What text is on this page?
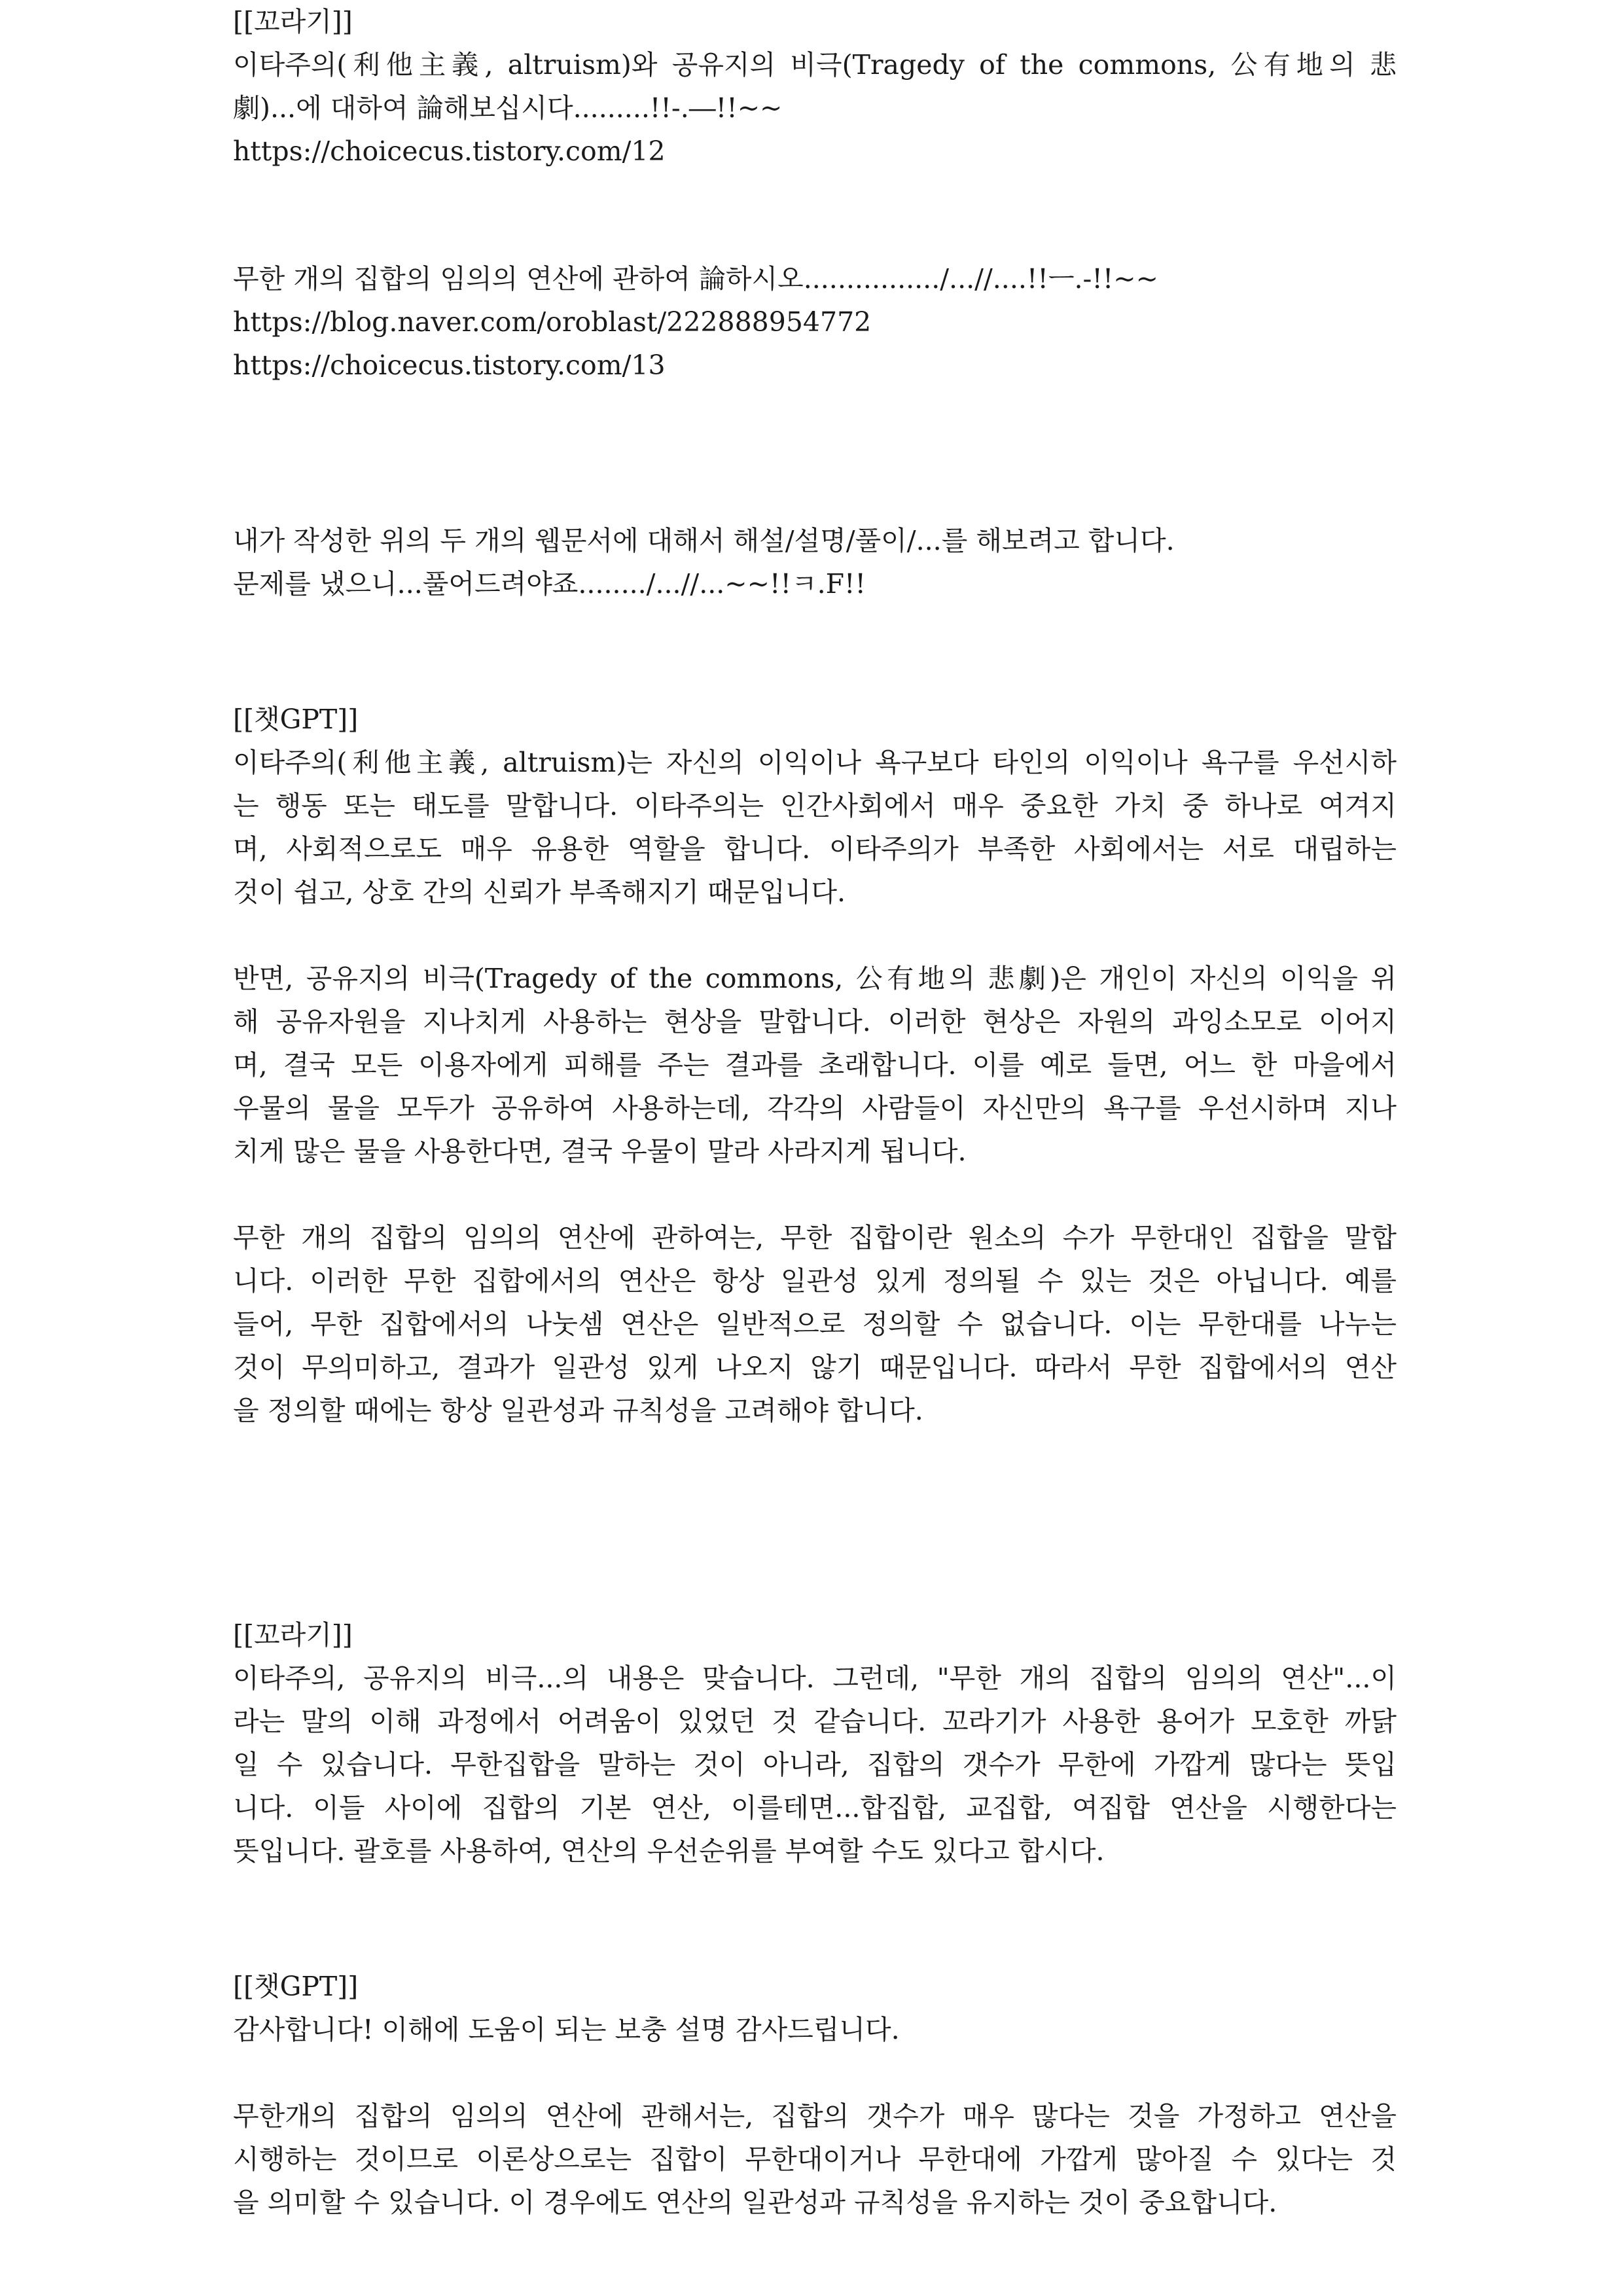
[[꼬라기]]
이타주의(利他主義, altruism)와 공유지의 비극(Tragedy of the commons, 公有地의 悲
劇)...에 대하여 論해보십시다.........!!-.―!!~~
https://choicecus.tistory.com/12
무한 개의 집합의 임의의 연산에 관하여 論하시오................/...//....!!ㅡ.-!!~~
https://blog.naver.com/oroblast/222888954772
https://choicecus.tistory.com/13
내가 작성한 위의 두 개의 웹문서에 대해서 해설/설명/풀이/...를 해보려고 합니다.
문제를 냈으니...풀어드려야죠......../...//...~~!!ㅋ.F!!
[[챗GPT]]
이타주의(利他主義, altruism)는 자신의 이익이나 욕구보다 타인의 이익이나 욕구를 우선시하
는 행동 또는 태도를 말합니다. 이타주의는 인간사회에서 매우 중요한 가치 중 하나로 여겨지
며, 사회적으로도 매우 유용한 역할을 합니다. 이타주의가 부족한 사회에서는 서로 대립하는
것이 쉽고, 상호 간의 신뢰가 부족해지기 때문입니다.
반면, 공유지의 비극(Tragedy of the commons, 公有地의 悲劇)은 개인이 자신의 이익을 위
해 공유자원을 지나치게 사용하는 현상을 말합니다. 이러한 현상은 자원의 과잉소모로 이어지
며, 결국 모든 이용자에게 피해를 주는 결과를 초래합니다. 이를 예로 들면, 어느 한 마을에서
우물의 물을 모두가 공유하여 사용하는데, 각각의 사람들이 자신만의 욕구를 우선시하며 지나
치게 많은 물을 사용한다면, 결국 우물이 말라 사라지게 됩니다.
무한 개의 집합의 임의의 연산에 관하여는, 무한 집합이란 원소의 수가 무한대인 집합을 말합
니다. 이러한 무한 집합에서의 연산은 항상 일관성 있게 정의될 수 있는 것은 아닙니다. 예를
들어, 무한 집합에서의 나눗셈 연산은 일반적으로 정의할 수 없습니다. 이는 무한대를 나누는
것이 무의미하고, 결과가 일관성 있게 나오지 않기 때문입니다. 따라서 무한 집합에서의 연산
을 정의할 때에는 항상 일관성과 규칙성을 고려해야 합니다.
[[꼬라기]]
이타주의, 공유지의 비극...의 내용은 맞습니다. 그런데, "무한 개의 집합의 임의의 연산"...이
라는 말의 이해 과정에서 어려움이 있었던 것 같습니다. 꼬라기가 사용한 용어가 모호한 까닭
일 수 있습니다. 무한집합을 말하는 것이 아니라, 집합의 갯수가 무한에 가깝게 많다는 뜻입
니다. 이들 사이에 집합의 기본 연산, 이를테면...합집합, 교집합, 여집합 연산을 시행한다는
뜻입니다. 괄호를 사용하여, 연산의 우선순위를 부여할 수도 있다고 합시다.
[[챗GPT]]
감사합니다! 이해에 도움이 되는 보충 설명 감사드립니다.
무한개의 집합의 임의의 연산에 관해서는, 집합의 갯수가 매우 많다는 것을 가정하고 연산을
시행하는 것이므로 이론상으로는 집합이 무한대이거나 무한대에 가깝게 많아질 수 있다는 것
을 의미할 수 있습니다. 이 경우에도 연산의 일관성과 규칙성을 유지하는 것이 중요합니다.
